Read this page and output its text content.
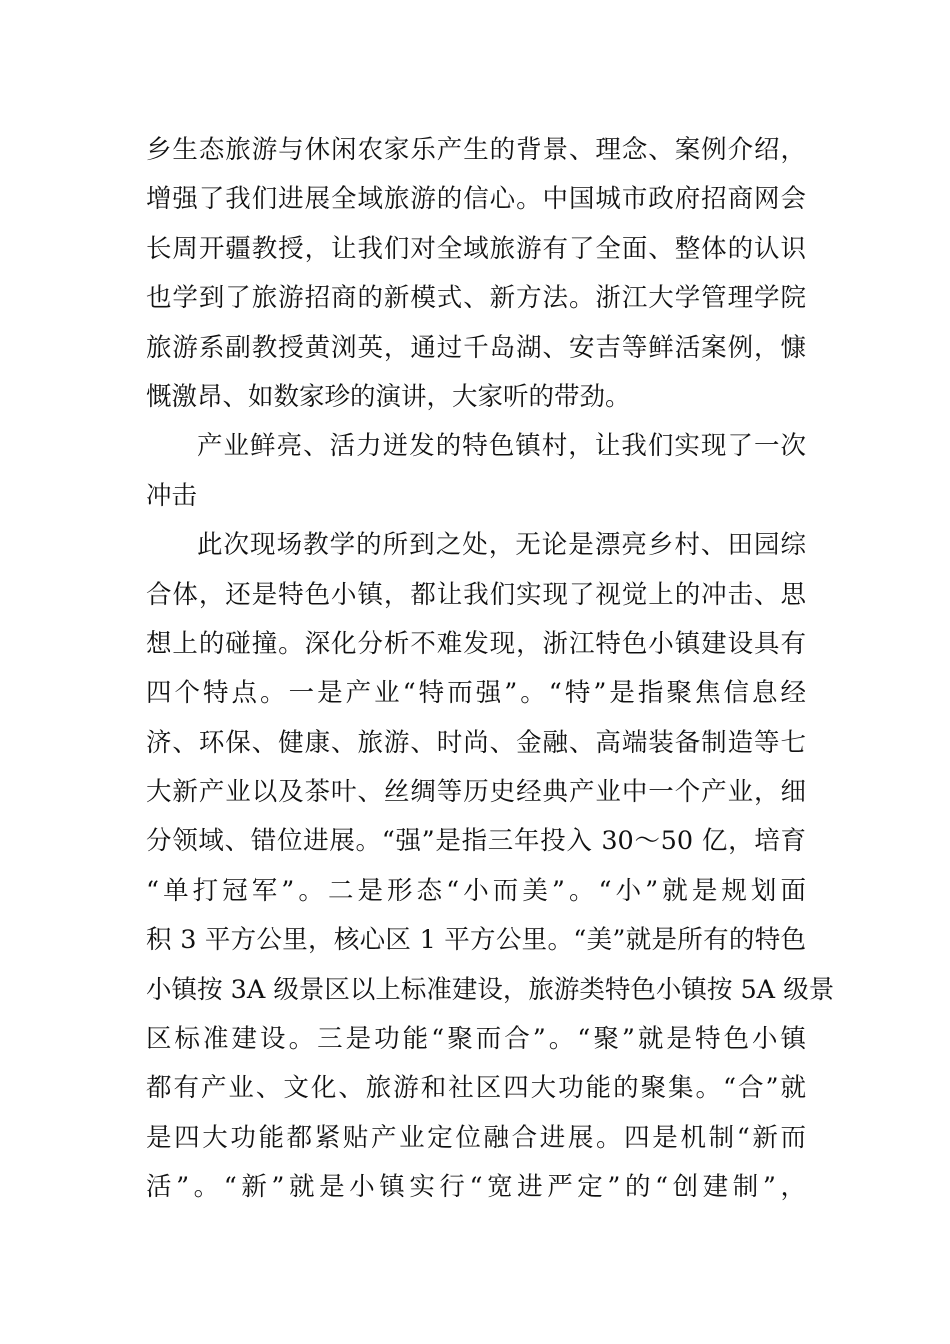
乡生态旅游与休闲农家乐产生的背景、理念、案例介绍，
增强了我们进展全域旅游的信心。中国城市政府招商网会
长周开疆教授，让我们对全域旅游有了全面、整体的认识
也学到了旅游招商的新模式、新方法。浙江大学管理学院
旅游系副教授黄浏英，通过千岛湖、安吉等鲜活案例，慷
慨激昂、如数家珍的演讲，大家听的带劲。
产业鲜亮、活力迸发的特色镇村，让我们实现了一次
冲击
此次现场教学的所到之处，无论是漂亮乡村、田园综
合体，还是特色小镇，都让我们实现了视觉上的冲击、思
想上的碰撞。深化分析不难发现，浙江特色小镇建设具有
四个特点。一是产业“特而强”。“特”是指聚焦信息经
济、环保、健康、旅游、时尚、金融、高端装备制造等七
大新产业以及茶叶、丝绸等历史经典产业中一个产业，细
分领域、错位进展。“强”是指三年投入 30～50 亿，培育
“单打冠军”。二是形态“小而美”。“小”就是规划面
积 3 平方公里，核心区 1 平方公里。“美”就是所有的特色
小镇按 3A 级景区以上标准建设，旅游类特色小镇按 5A 级景
区标准建设。三是功能“聚而合”。“聚”就是特色小镇
都有产业、文化、旅游和社区四大功能的聚集。“合”就
是四大功能都紧贴产业定位融合进展。四是机制“新而
活”。“新”就是小镇实行“宽进严定”的“创建制”，
